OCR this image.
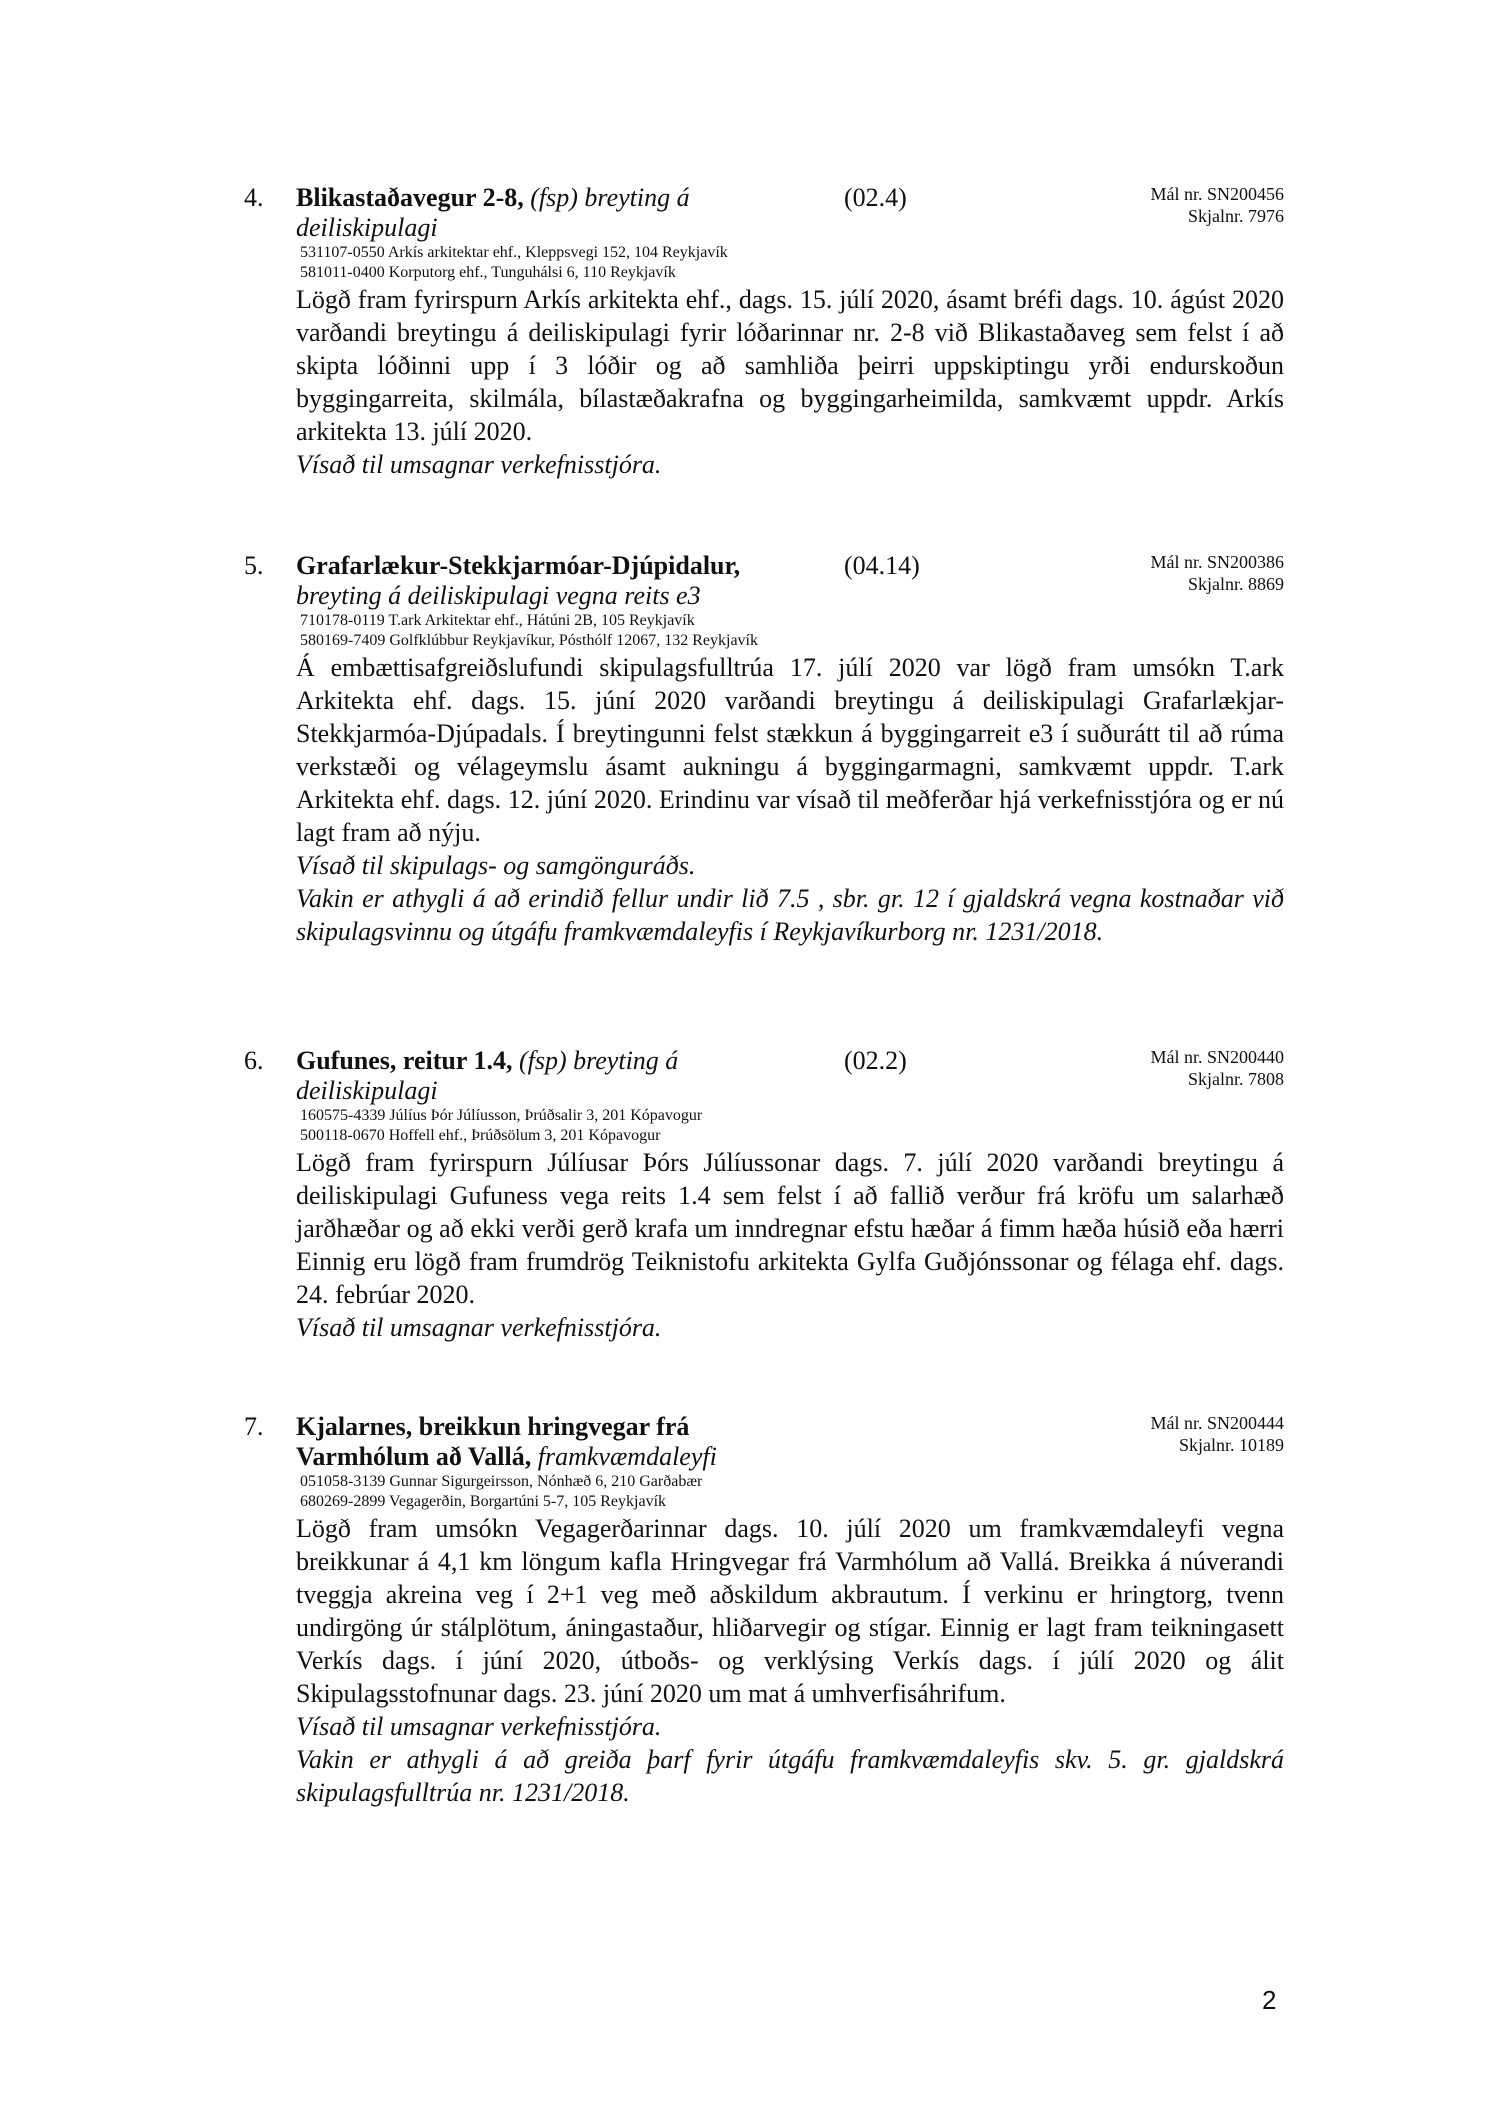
4. Blikastaðavegur 2-8, (fsp) breyting á deiliskipulagi
(02.4)	Mál nr. SN200456
Skjalnr. 7976
531107-0550 Arkís arkitektar ehf., Kleppsvegi 152, 104 Reykjavík
581011-0400 Korputorg ehf., Tunguhálsi 6, 110 Reykjavík
Lögð fram fyrirspurn Arkís arkitekta ehf., dags. 15. júlí 2020, ásamt bréfi dags. 10. ágúst 2020 varðandi breytingu á deiliskipulagi fyrir lóðarinnar nr. 2-8 við Blikastaðaveg sem felst í að skipta lóðinni upp í 3 lóðir og að samhliða þeirri uppskiptingu yrði endurskoðun byggingarreita, skilmála, bílastæðakrafna og byggingarheimilda, samkvæmt uppdr. Arkís arkitekta 13. júlí 2020.
Vísað til umsagnar verkefnisstjóra.
5. Grafarlækur-Stekkjarmóar-Djúpidalur,
breyting á deiliskipulagi vegna reits e3
(04.14)	Mál nr. SN200386
Skjalnr. 8869
710178-0119 T.ark Arkitektar ehf., Hátúni 2B, 105 Reykjavík
580169-7409 Golfklúbbur Reykjavíkur, Pósthólf 12067, 132 Reykjavík
Á embættisafgreiðslufundi skipulagsfulltrúa 17. júlí 2020 var lögð fram umsókn T.ark Arkitekta ehf. dags. 15. júní 2020 varðandi breytingu á deiliskipulagi Grafarlækjar-Stekkjarmóa-Djúpadals. Í breytingunni felst stækkun á byggingarreit e3 í suðurátt til að rúma verkstæði og vélageymslu ásamt aukningu á byggingarmagni, samkvæmt uppdr. T.ark Arkitekta ehf. dags. 12. júní 2020. Erindinu var vísað til meðferðar hjá verkefnisstjóra og er nú lagt fram að nýju.
Vísað til skipulags- og samgönguráðs.
Vakin er athygli á að erindið fellur undir lið 7.5 , sbr. gr. 12 í gjaldskrá vegna kostnaðar við skipulagsvinnu og útgáfu framkvæmdaleyfis í Reykjavíkurborg nr. 1231/2018.
6. Gufunes, reitur 1.4, (fsp) breyting á deiliskipulagi
(02.2)	Mál nr. SN200440
Skjalnr. 7808
160575-4339 Júlíus Þór Júlíusson, Þrúðsalir 3, 201 Kópavogur
500118-0670 Hoffell ehf., Þrúðsölum 3, 201 Kópavogur
Lögð fram fyrirspurn Júlíusar Þórs Júlíussonar dags. 7. júlí 2020 varðandi breytingu á deiliskipulagi Gufuness vega reits 1.4 sem felst í að fallið verður frá kröfu um salarhæð jarðhæðar og að ekki verði gerð krafa um inndregnar efstu hæðar á fimm hæða húsið eða hærri Einnig eru lögð fram frumdrög Teiknistofu arkitekta Gylfa Guðjónssonar og félaga ehf. dags. 24. febrúar 2020.
Vísað til umsagnar verkefnisstjóra.
7. Kjalarnes, breikkun hringvegar frá Varmhólum að Vallá, framkvæmdaleyfi
Mál nr. SN200444
Skjalnr. 10189
051058-3139 Gunnar Sigurgeirsson, Nónhæð 6, 210 Garðabær
680269-2899 Vegagerðin, Borgartúni 5-7, 105 Reykjavík
Lögð fram umsókn Vegagerðarinnar dags. 10. júlí 2020 um framkvæmdaleyfi vegna breikkunar á 4,1 km löngum kafla Hringvegar frá Varmhólum að Vallá. Breikka á núverandi tveggja akreina veg í 2+1 veg með aðskildum akbrautum. Í verkinu er hringtorg, tvenn undirgöng úr stálplötum, áningastaður, hliðarvegir og stígar. Einnig er lagt fram teikningasett Verkís dags. í júní 2020, útboðs- og verklýsing Verkís dags. í júlí 2020 og álit Skipulagsstofnunar dags. 23. júní 2020 um mat á umhverfisáhrifum.
Vísað til umsagnar verkefnisstjóra.
Vakin er athygli á að greiða þarf fyrir útgáfu framkvæmdaleyfis skv. 5. gr. gjaldskrá skipulagsfulltrúa nr. 1231/2018.
2
